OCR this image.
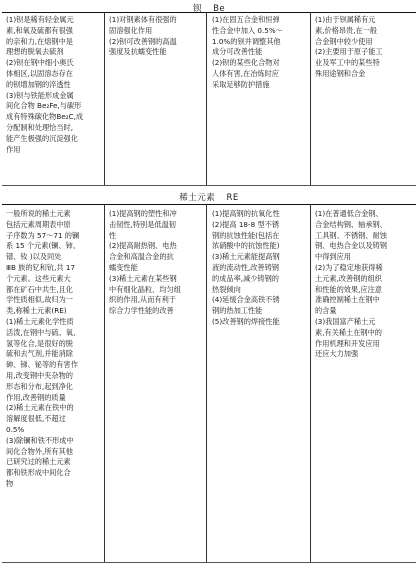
钡 Be
(1)钡是稀有轻金属元
素,和氧及硫都有很强
的亲和力,在熔钢中是
理想的脱氧去硫剂
(2)钡在钢中细小奥氏
体相区,以固溶态存在
的钡增加钢的淬透性
(3)钡与铁能形成金属
间化合物 Be₂Fe,与碳形
成有特殊碳化物Be₂C,成
分配制和处理恰当时,
能产生极强的沉淀强化
作用
(1)对钢素体有很强的
固溶强化作用
(2)钡可改善钢的高温
强度及抗蠕变性能
(1)在固五合金和恒弹
性合金中加入 0.5%～
1.0%的钡并调整其他
成分可改善性能
(2)钡的某些化合物对
人体有害,在冶炼时应
采取足够防护措施
(1)由于钡属稀有元
素,价格昂贵,在一般
合金钢中较少使用
(2)主要用于原子能工
业及军工中的某些特
殊用途钢和合金
稀土元素 RE
一般所说的稀土元素
包括元素周期表中原
子序数为 57～71 的镧
系 15 个元素(镧、铈、
镨、钕 )以及同处
ⅢB 族的钇和钪,共 17
个元素。这些元素大
都在矿石中共生,且化
学性质相似,故归为一
类,称稀土元素(RE)
(1)稀土元素化学性质
活泼,在钢中与硫、氧、
氢等化合,是很好的脱
硫和去气剂,并能消除
砷、锑、铋等的有害作
用,改变钢中夹杂物的
形态和分布,起到净化
作用,改善钢的质量
(2)稀土元素在铁中的
溶解度很低,不超过
0.5%
(3)除镧和铁不形成中
间化合物外,所有其他
已研究过的稀土元素
都和铁形成中间化合
物
(1)提高钢的塑性和冲
击韧性,特别是低温韧
性
(2)提高耐热钢、电热
合金和高温合金的抗
蠕变性能
(3)稀土元素在某些钢
中有细化晶粒、均匀组
织的作用,从而有利于
综合力学性能的改善
(1)提高钢的抗氧化性
(2)提高 18-8 型不锈
钢的抗蚀性能(包括在
浓硝酸中的抗蚀性能)
(3)稀土元素能提高钢
液的流动性,改善铸钢
的成品率,减少铸钢的
热裂倾向
(4)延缓合金高铁不锈
钢的热加工性能
(5)改善钢的焊接性能
(1)在普通低合金钢、
合金结构钢、轴承钢、
工具钢、不锈钢、耐蚀
钢、电热合金以及铸钢
中得到应用
(2)为了稳定地获得稀
土元素,改善钢的组织
和性能的效果,应注意
准确控制稀土在钢中
的含量
(3)我国富产稀土元
素,有关稀土在钢中的
作用机理和开发应用
还应大力加强
